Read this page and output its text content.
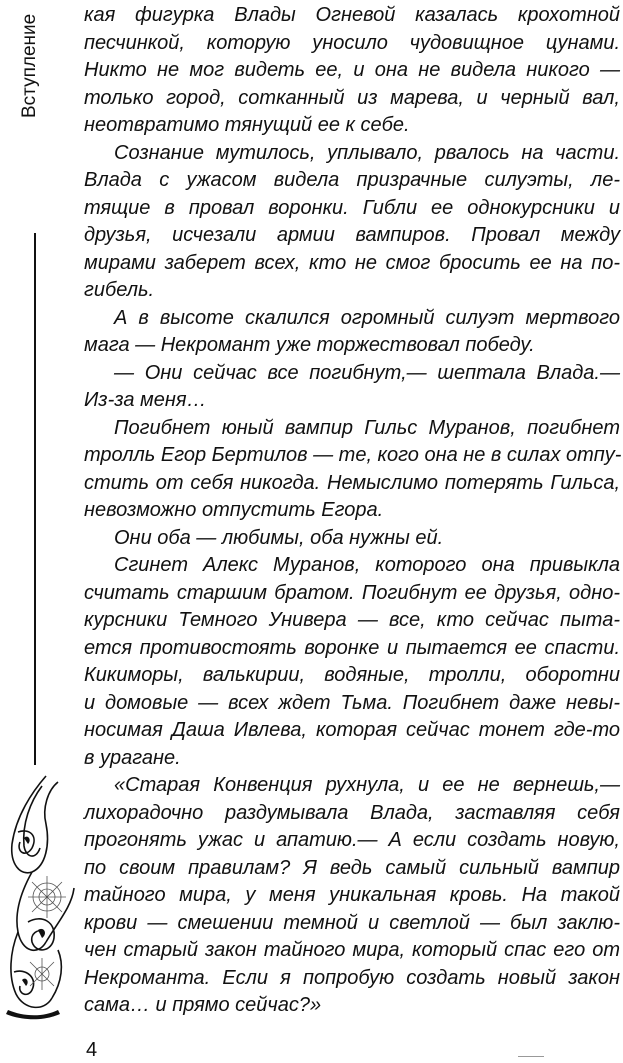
Вступление кая фигурка Влады Огневой казалась крохотной
песчинкой, которую уносило чудовищное цунами.
Никто не мог видеть ее, и она не видела никого —
только город, сотканный из марева, и черный вал,
неотвратимо тянущий ее к себе.
Сознание мутилось, уплывало, рвалось на части.
Влада с ужасом видела призрачные силуэты, ле-
тящие в провал воронки. Гибли ее однокурсники и
друзья, исчезали армии вампиров. Провал между
мирами заберет всех, кто не смог бросить ее на по-
гибель.
А в высоте скалился огромный силуэт мертвого
мага — Некромант уже торжествовал победу.
— Они сейчас все погибнут,— шептала Влада.—
Из-за меня…
Погибнет юный вампир Гильс Муранов, погибнет
тролль Егор Бертилов — те, кого она не в силах отпу-
стить от себя никогда. Немыслимо потерять Гильса,
невозможно отпустить Егора.
Они оба — любимы, оба нужны ей.
Сгинет Алекс Муранов, которого она привыкла
считать старшим братом. Погибнут ее друзья, одно-
курсники Темного Универа — все, кто сейчас пыта-
ется противостоять воронке и пытается ее спасти.
Кикиморы, валькирии, водяные, тролли, оборотни
и домовые — всех ждет Тьма. Погибнет даже невы-
носимая Даша Ивлева, которая сейчас тонет где-то
в урагане.
«Старая Конвенция рухнула, и ее не вернешь,—
лихорадочно раздумывала Влада, заставляя себя
прогонять ужас и апатию.— А если создать новую,
по своим правилам? Я ведь самый сильный вампир
тайного мира, у меня уникальная кровь. На такой
крови — смешении темной и светлой — был заклю-
чен старый закон тайного мира, который спас его от
Некроманта. Если я попробую создать новый закон
сама… и прямо сейчас?»
4
